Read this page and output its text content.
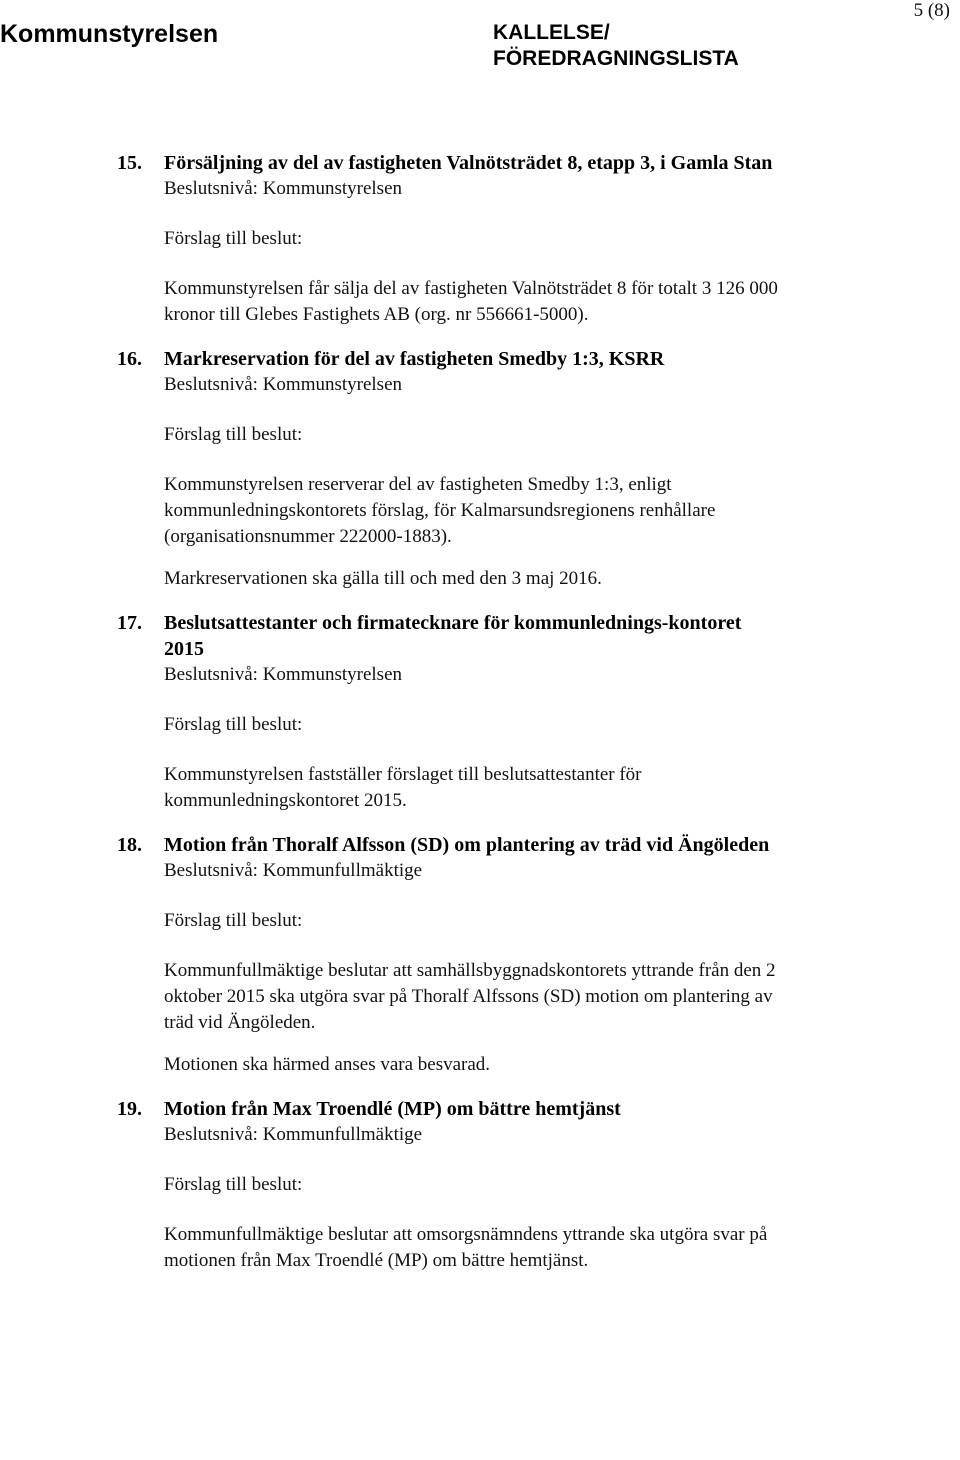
Kommunstyrelsen	KALLELSE/
FÖREDRAGNINGSLISTA
5 (8)
15. Försäljning av del av fastigheten Valnötsträdet 8, etapp 3, i Gamla Stan

Beslutsnivå: Kommunstyrelsen

Förslag till beslut:

Kommunstyrelsen får sälja del av fastigheten Valnötsträdet 8 för totalt 3 126 000 kronor till Glebes Fastighets AB (org. nr 556661-5000).

16. Markreservation för del av fastigheten Smedby 1:3, KSRR

Beslutsnivå: Kommunstyrelsen

Förslag till beslut:

Kommunstyrelsen reserverar del av fastigheten Smedby 1:3, enligt kommunledningskontorets förslag, för Kalmarsundsregionens renhållare (organisationsnummer 222000-1883).

Markreservationen ska gälla till och med den 3 maj 2016.

17. Beslutsattestanter och firmatecknare för kommunlednings-kontoret 2015

Beslutsnivå: Kommunstyrelsen

Förslag till beslut:

Kommunstyrelsen fastställer förslaget till beslutsattestanter för kommunledningskontoret 2015.

18. Motion från Thoralf Alfsson (SD) om plantering av träd vid Ängöleden

Beslutsnivå: Kommunfullmäktige

Förslag till beslut:

Kommunfullmäktige beslutar att samhällsbyggnadskontorets yttrande från den 2 oktober 2015 ska utgöra svar på Thoralf Alfssons (SD) motion om plantering av träd vid Ängöleden.

Motionen ska härmed anses vara besvarad.

19. Motion från Max Troendlé (MP) om bättre hemtjänst

Beslutsnivå: Kommunfullmäktige

Förslag till beslut:

Kommunfullmäktige beslutar att omsorgsnämndens yttrande ska utgöra svar på motionen från Max Troendlé (MP) om bättre hemtjänst.
